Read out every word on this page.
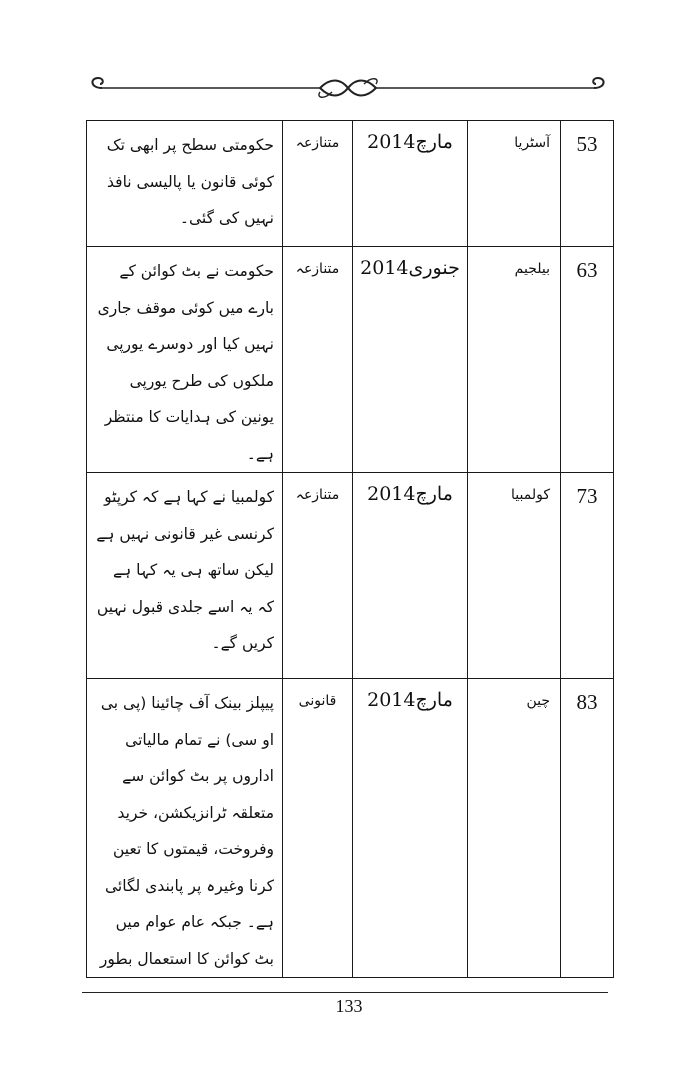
حکومتی سطح پر ابھی تک کوئی قانون یا پالیسی نافذ نہیں کی گئی۔	متنازعہ	مارچ2014	آسٹریا	53

حکومت نے بٹ کوائن کے بارے میں کوئی موقف جاری نہیں کیا اور دوسرے یورپی ملکوں کی طرح یورپی یونین کی ہدایات کا منتظر ہے۔	متنازعہ	جنوری2014	بیلجیم	63

کولمبیا نے کہا ہے کہ کرپٹو کرنسی غیر قانونی نہیں ہے لیکن ساتھ ہی یہ کہا ہے کہ یہ اسے جلدی قبول نہیں کریں گے۔	متنازعہ	مارچ2014	کولمبیا	73

پیپلز بینک آف چائینا (پی بی او سی) نے تمام مالیاتی اداروں پر بٹ کوائن سے متعلقہ ٹرانزیکشن، خرید وفروخت، قیمتوں کا تعین کرنا وغیرہ پر پابندی لگائی ہے۔ جبکہ عام عوام میں بٹ کوائن کا استعمال بطور	قانونی	مارچ2014	چین	83
133
